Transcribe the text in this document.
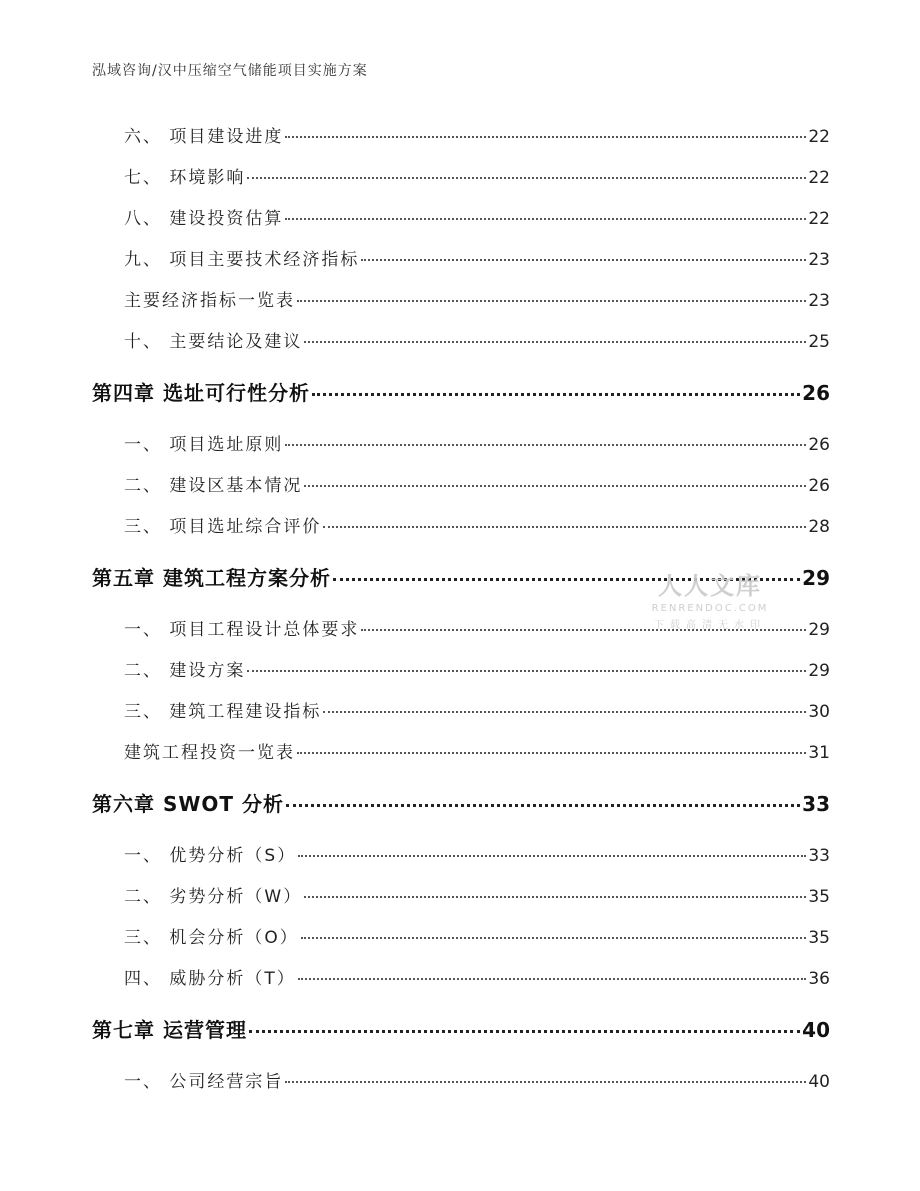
泓域咨询/汉中压缩空气储能项目实施方案
六、 项目建设进度	22
七、 环境影响	22
八、 建设投资估算	22
九、 项目主要技术经济指标	23
主要经济指标一览表	23
十、 主要结论及建议	25
第四章 选址可行性分析	26
一、 项目选址原则	26
二、 建设区基本情况	26
三、 项目选址综合评价	28
第五章 建筑工程方案分析	29
一、 项目工程设计总体要求	29
二、 建设方案	29
三、 建筑工程建设指标	30
建筑工程投资一览表	31
第六章 SWOT 分析	33
一、 优势分析（S）	33
二、 劣势分析（W）	35
三、 机会分析（O）	35
四、 威胁分析（T）	36
第七章 运营管理	40
一、 公司经营宗旨	40
人人文库
RENRENDOC.COM
下载高清无水印
